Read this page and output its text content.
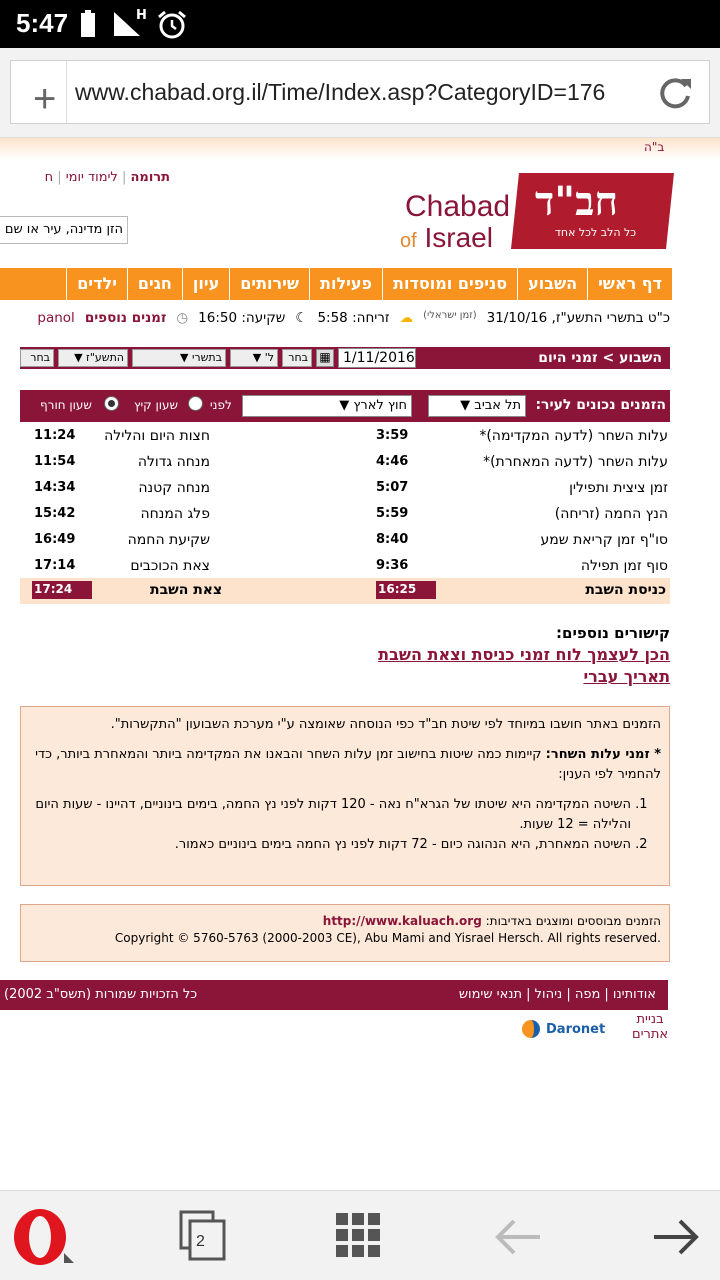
5:47	H
+ www.chabad.org.il/Time/Index.asp?CategoryID=176
ב"ה
תרומה | לימוד יומי | ח
חב"ד
כל הלב לכל אחד
Chabad
of Israel
הזן מדינה, עיר או שם
דף ראשי
השבוע
סניפים ומוסדות
פעילות
שירותים
עיון
חגים
ילדים
כ"ט בתשרי התשע"ז, 31/10/16
(זמן ישראלי)
☁
זריחה: 5:58
☾
שקיעה: 16:50
◷
זמנים נוספים
panol
השבוע > זמני היום
1/11/2016
▦
בחר
ל' ▼
בתשרי ▼
התשע"ז ▼
בחר
הזמנים נכונים לעיר:
תל אביב ▼
חוץ לארץ ▼
לפני
שעון קיץ
שעון חורף
עלות השחר (לדעה המקדימה)*
3:59
עלות השחר (לדעה המאחרת)*
4:46
זמן ציצית ותפילין
5:07
הנץ החמה (זריחה)
5:59
סו"ף זמן קריאת שמע
8:40
סוף זמן תפילה
9:36
חצות היום והלילה
11:24
מנחה גדולה
11:54
מנחה קטנה
14:34
פלג המנחה
15:42
שקיעת החמה
16:49
צאת הכוכבים
17:14
כניסת השבת
16:25
צאת השבת
17:24
קישורים נוספים:
הכן לעצמך לוח זמני כניסת וצאת השבת
תאריך עברי

הזמנים באתר חושבו במיוחד לפי שיטת חב"ד כפי הנוסחה שאומצה ע"י מערכת השבועון "התקשרות".

* זמני עלות השחר: קיימות כמה שיטות בחישוב זמן עלות השחר והבאנו את המקדימה ביותר והמאחרת ביותר, כדי להחמיר לפי הענין:

1. השיטה המקדימה היא שיטתו של הגרא"ח נאה - 120 דקות לפני נץ החמה, בימים בינוניים, דהיינו - שעות היום והלילה = 12 שעות.
2. השיטה המאחרת, היא הנהוגה כיום - 72 דקות לפני נץ החמה בימים בינוניים כאמור.
הזמנים מבוססים ומוצגים באדיבות: http://www.kaluach.org
Copyright © 5760-5763 (2000-2003 CE), Abu Mami and Yisrael Hersch. All rights reserved.
אודותינו | מפה | ניהול | תנאי שימוש
כל הזכויות שמורות (תשס"ב 2002)
בניית
אתרים
Daronet
2
